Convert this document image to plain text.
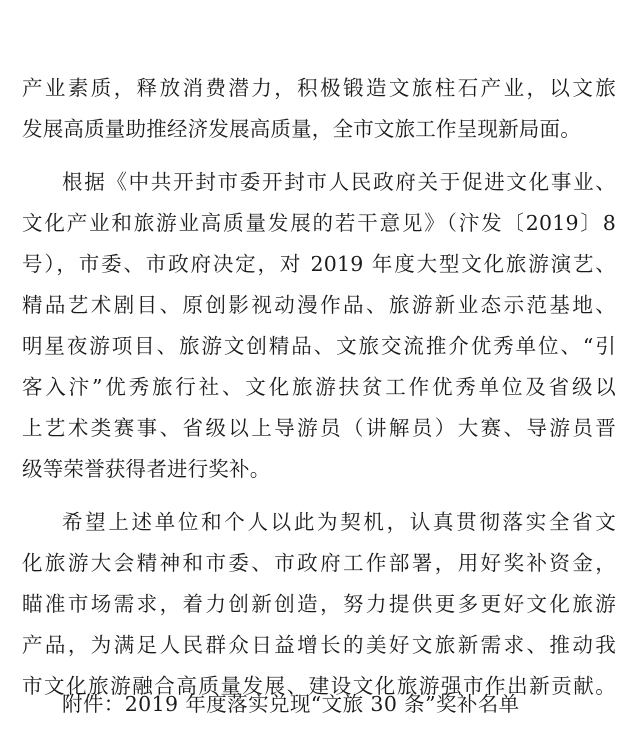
产业素质，释放消费潜力，积极锻造文旅柱石产业，以文旅
发展高质量助推经济发展高质量，全市文旅工作呈现新局面。
根据《中共开封市委开封市人民政府关于促进文化事业、
文化产业和旅游业高质量发展的若干意见》（汴发〔2019〕8
号），市委、市政府决定，对 2019 年度大型文化旅游演艺、
精品艺术剧目、原创影视动漫作品、旅游新业态示范基地、
明星夜游项目、旅游文创精品、文旅交流推介优秀单位、“引
客入汴”优秀旅行社、文化旅游扶贫工作优秀单位及省级以
上艺术类赛事、省级以上导游员（讲解员）大赛、导游员晋
级等荣誉获得者进行奖补。
希望上述单位和个人以此为契机，认真贯彻落实全省文
化旅游大会精神和市委、市政府工作部署，用好奖补资金，
瞄准市场需求，着力创新创造，努力提供更多更好文化旅游
产品，为满足人民群众日益增长的美好文旅新需求、推动我
市文化旅游融合高质量发展、建设文化旅游强市作出新贡献。
附件：2019 年度落实兑现“文旅 30 条”奖补名单
